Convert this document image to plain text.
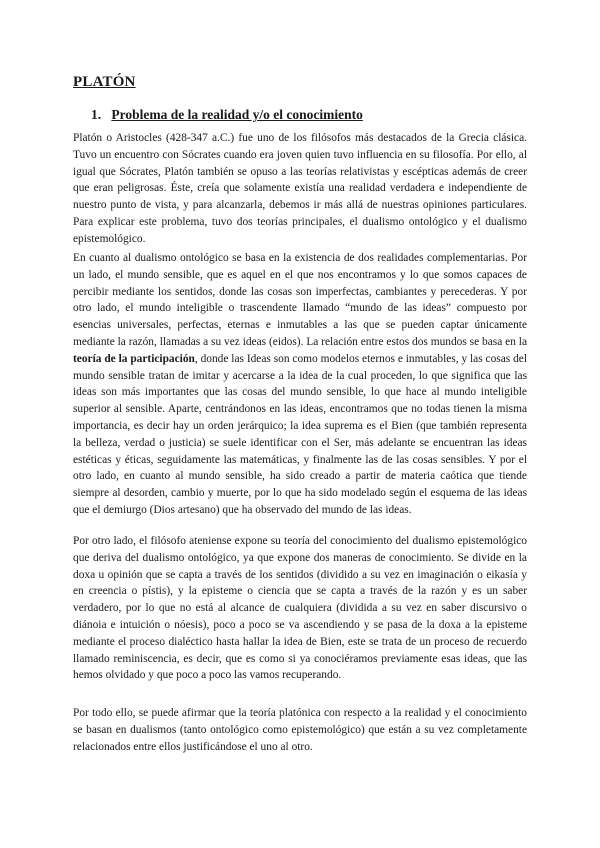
PLATÓN
1. Problema de la realidad y/o el conocimiento

Platón o Aristocles (428-347 a.C.) fue uno de los filósofos más destacados de la Grecia clásica. Tuvo un encuentro con Sócrates cuando era joven quien tuvo influencia en su filosofía. Por ello, al igual que Sócrates, Platón también se opuso a las teorías relativistas y escépticas además de creer que eran peligrosas. Éste, creía que solamente existía una realidad verdadera e independiente de nuestro punto de vista, y para alcanzarla, debemos ir más allá de nuestras opiniones particulares. Para explicar este problema, tuvo dos teorías principales, el dualismo ontológico y el dualismo epistemológico.

En cuanto al dualismo ontológico se basa en la existencia de dos realidades complementarias. Por un lado, el mundo sensible, que es aquel en el que nos encontramos y lo que somos capaces de percibir mediante los sentidos, donde las cosas son imperfectas, cambiantes y perecederas. Y por otro lado, el mundo inteligible o trascendente llamado “mundo de las ideas” compuesto por esencias universales, perfectas, eternas e inmutables a las que se pueden captar únicamente mediante la razón, llamadas a su vez ideas (eidos). La relación entre estos dos mundos se basa en la teoría de la participación, donde las Ideas son como modelos eternos e inmutables, y las cosas del mundo sensible tratan de imitar y acercarse a la idea de la cual proceden, lo que significa que las ideas son más importantes que las cosas del mundo sensible, lo que hace al mundo inteligible superior al sensible. Aparte, centrándonos en las ideas, encontramos que no todas tienen la misma importancia, es decir hay un orden jerárquico; la idea suprema es el Bien (que también representa la belleza, verdad o justicia) se suele identificar con el Ser, más adelante se encuentran las ideas estéticas y éticas, seguidamente las matemáticas, y finalmente las de las cosas sensibles. Y por el otro lado, en cuanto al mundo sensible, ha sido creado a partir de materia caótica que tiende siempre al desorden, cambio y muerte, por lo que ha sido modelado según el esquema de las ideas que el demiurgo (Dios artesano) que ha observado del mundo de las ideas.

Por otro lado, el filósofo ateniense expone su teoría del conocimiento del dualismo epistemológico que deriva del dualismo ontológico, ya que expone dos maneras de conocimiento. Se divide en la doxa u opinión que se capta a través de los sentidos (dividido a su vez en imaginación o eikasía y en creencia o pístis), y la episteme o ciencia que se capta a través de la razón y es un saber verdadero, por lo que no está al alcance de cualquiera (dividida a su vez en saber discursivo o diánoia e intuición o nóesis), poco a poco se va ascendiendo y se pasa de la doxa a la episteme mediante el proceso dialéctico hasta hallar la idea de Bien, este se trata de un proceso de recuerdo llamado reminiscencia, es decir, que es como si ya conociéramos previamente esas ideas, que las hemos olvidado y que poco a poco las vamos recuperando.

Por todo ello, se puede afirmar que la teoría platónica con respecto a la realidad y el conocimiento se basan en dualismos (tanto ontológico como epistemológico) que están a su vez completamente relacionados entre ellos justificándose el uno al otro.
